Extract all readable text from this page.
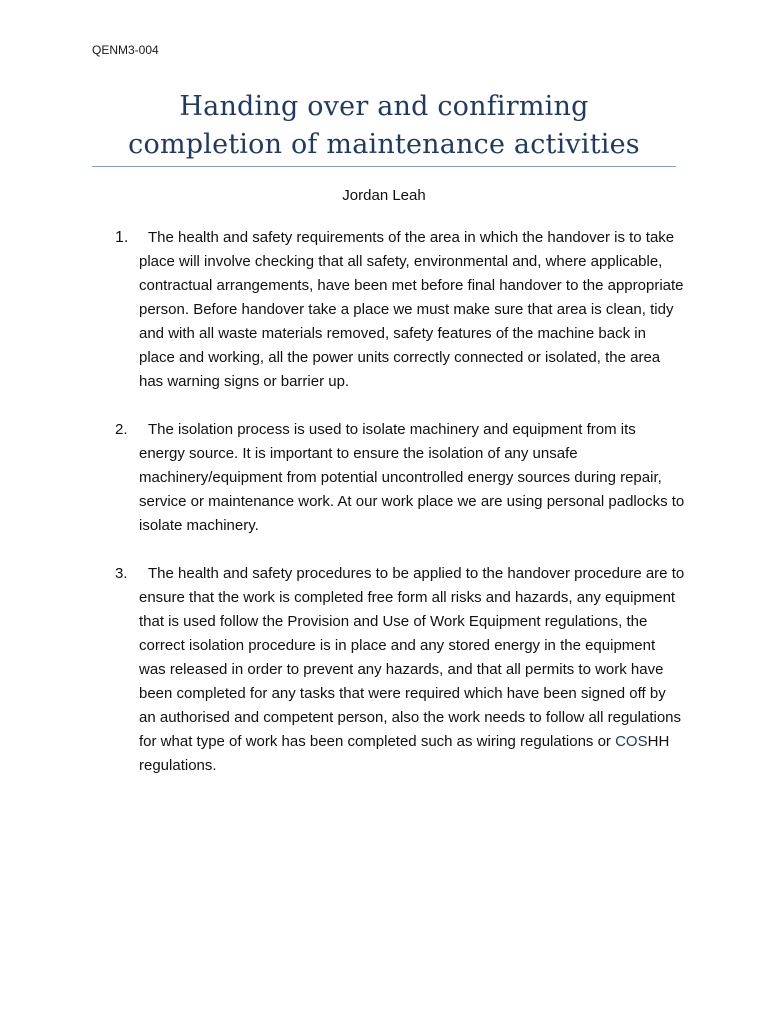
QENM3-004
Handing over and confirming
completion of maintenance activities
Jordan Leah
1.	The health and safety requirements of the area in which the handover is to take place will involve checking that all safety, environmental and, where applicable, contractual arrangements, have been met before final handover to the appropriate person. Before handover take a place we must make sure that area is clean, tidy and with all waste materials removed, safety features of the machine back in place and working, all the power units correctly connected or isolated, the area has warning signs or barrier up.
2.	The isolation process is used to isolate machinery and equipment from its energy source. It is important to ensure the isolation of any unsafe machinery/equipment from potential uncontrolled energy sources during repair, service or maintenance work. At our work place we are using personal padlocks to isolate machinery.
3.	The health and safety procedures to be applied to the handover procedure are to ensure that the work is completed free form all risks and hazards, any equipment that is used follow the Provision and Use of Work Equipment regulations, the correct isolation procedure is in place and any stored energy in the equipment was released in order to prevent any hazards, and that all permits to work have been completed for any tasks that were required which have been signed off by an authorised and competent person, also the work needs to follow all regulations for what type of work has been completed such as wiring regulations or COSHH regulations.
